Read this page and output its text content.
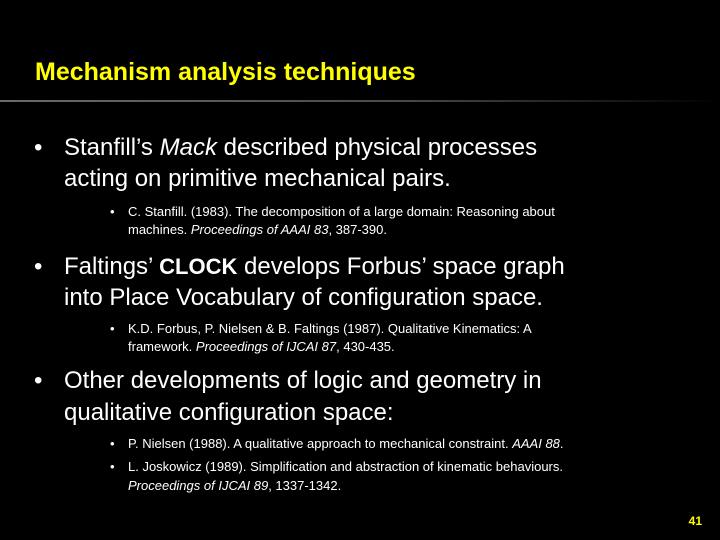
Mechanism analysis techniques
• Stanfill’s Mack described physical processes
acting on primitive mechanical pairs.
• C. Stanfill. (1983). The decomposition of a large domain: Reasoning about
machines. Proceedings of AAAI 83, 387-390.
• Faltings’ CLOCK develops Forbus’ space graph
into Place Vocabulary of configuration space.
• K.D. Forbus, P. Nielsen & B. Faltings (1987). Qualitative Kinematics: A
framework. Proceedings of IJCAI 87, 430-435.
• Other developments of logic and geometry in
qualitative configuration space:
• P. Nielsen (1988). A qualitative approach to mechanical constraint. AAAI 88.
• L. Joskowicz (1989). Simplification and abstraction of kinematic behaviours.
Proceedings of IJCAI 89, 1337-1342.
41
